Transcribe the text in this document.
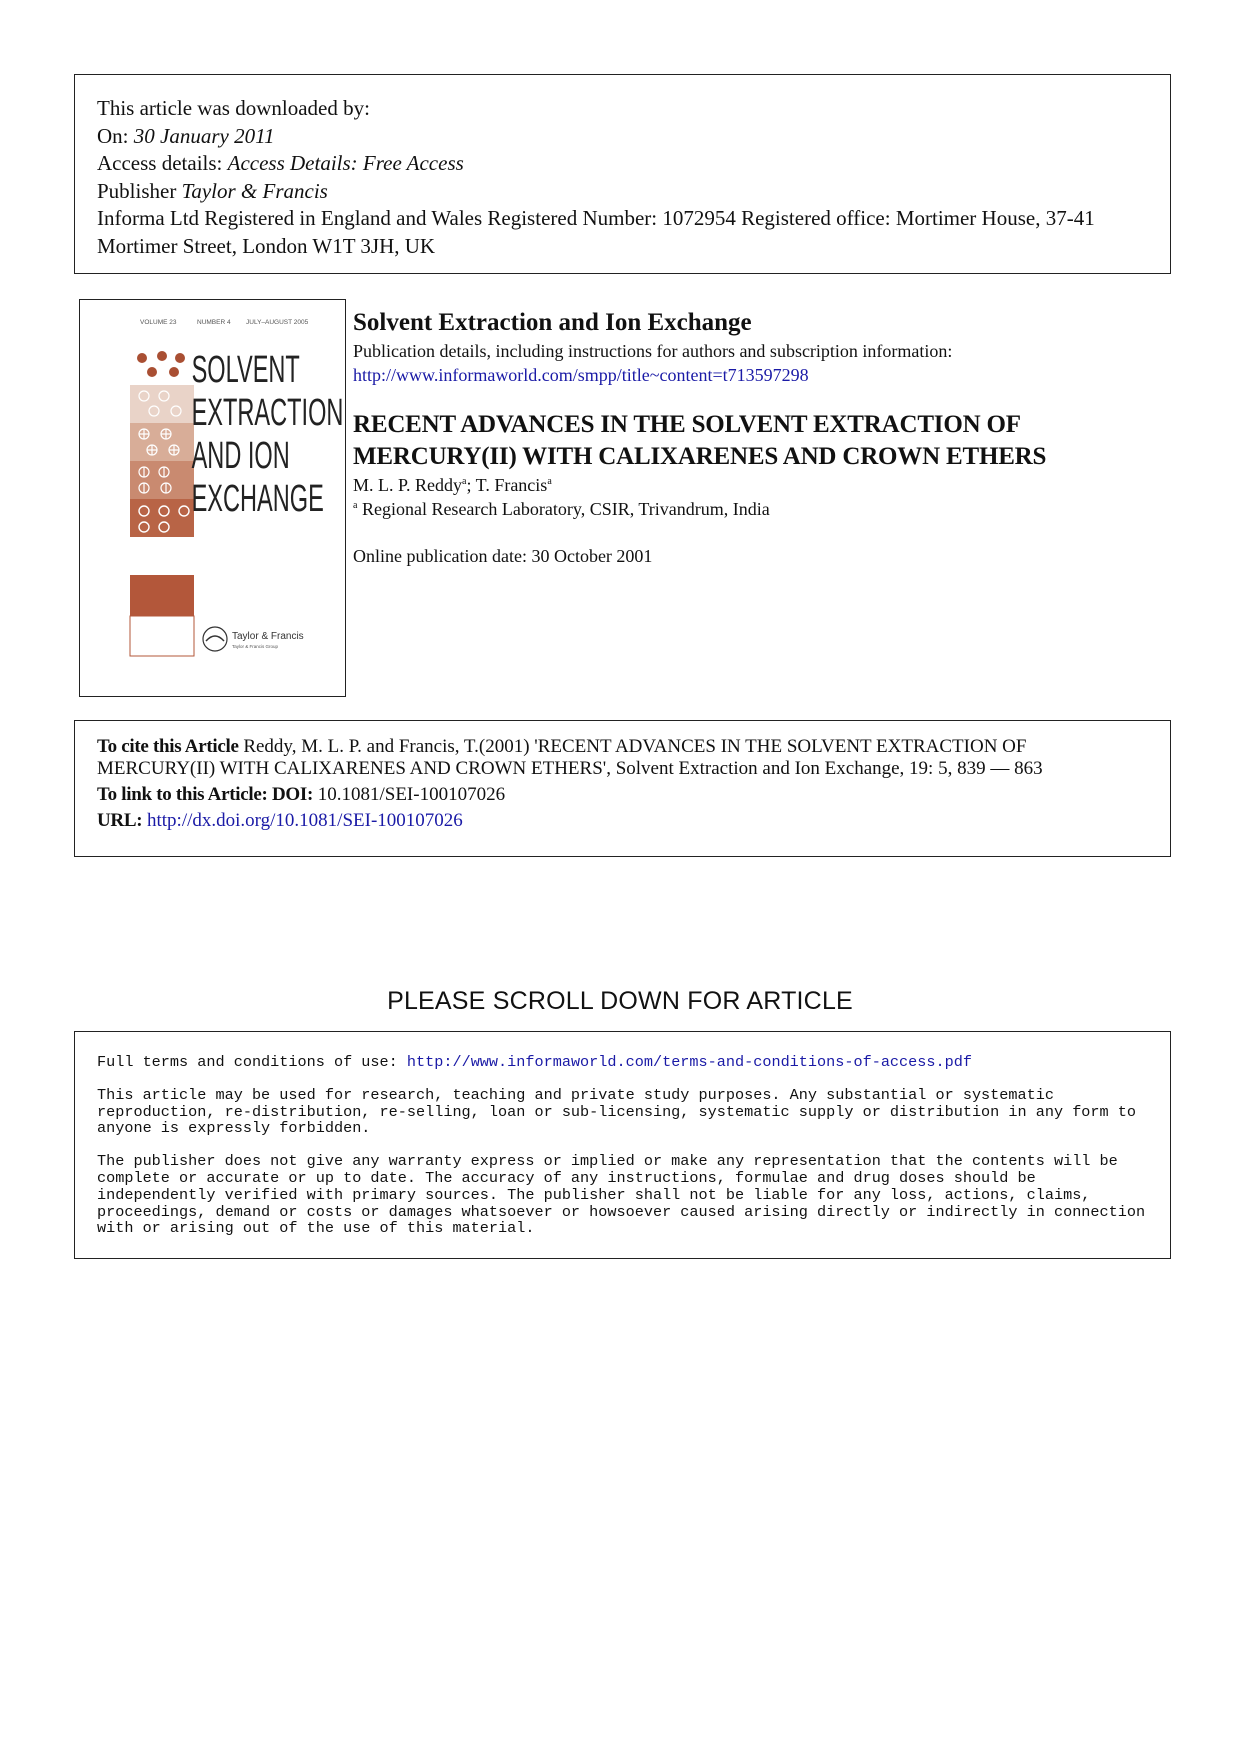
This article was downloaded by:
On: 30 January 2011
Access details: Access Details: Free Access
Publisher Taylor & Francis
Informa Ltd Registered in England and Wales Registered Number: 1072954 Registered office: Mortimer House, 37-41 Mortimer Street, London W1T 3JH, UK
VOLUME 23	NUMBER 4 JULY–AUGUST 2005
SOLVENT
EXTRACTION
AND ION
EXCHANGE
Taylor & Francis
Taylor & Francis Group
Solvent Extraction and Ion Exchange
Publication details, including instructions for authors and subscription information:
http://www.informaworld.com/smpp/title~content=t713597298
RECENT ADVANCES IN THE SOLVENT EXTRACTION OF
MERCURY(II) WITH CALIXARENES AND CROWN ETHERS
M. L. P. Reddy$^a$; T. Francis$^a$
$^a$ Regional Research Laboratory, CSIR, Trivandrum, India
Online publication date: 30 October 2001
To cite this Article Reddy, M. L. P. and Francis, T.(2001) 'RECENT ADVANCES IN THE SOLVENT EXTRACTION OF MERCURY(II) WITH CALIXARENES AND CROWN ETHERS', Solvent Extraction and Ion Exchange, 19: 5, 839 — 863
To link to this Article: DOI: 10.1081/SEI-100107026
URL: http://dx.doi.org/10.1081/SEI-100107026
PLEASE SCROLL DOWN FOR ARTICLE

Full terms and conditions of use: http://www.informaworld.com/terms-and-conditions-of-access.pdf

This article may be used for research, teaching and private study purposes. Any substantial or systematic reproduction, re-distribution, re-selling, loan or sub-licensing, systematic supply or distribution in any form to anyone is expressly forbidden.

The publisher does not give any warranty express or implied or make any representation that the contents will be complete or accurate or up to date. The accuracy of any instructions, formulae and drug doses should be independently verified with primary sources. The publisher shall not be liable for any loss, actions, claims, proceedings, demand or costs or damages whatsoever or howsoever caused arising directly or indirectly in connection with or arising out of the use of this material.
